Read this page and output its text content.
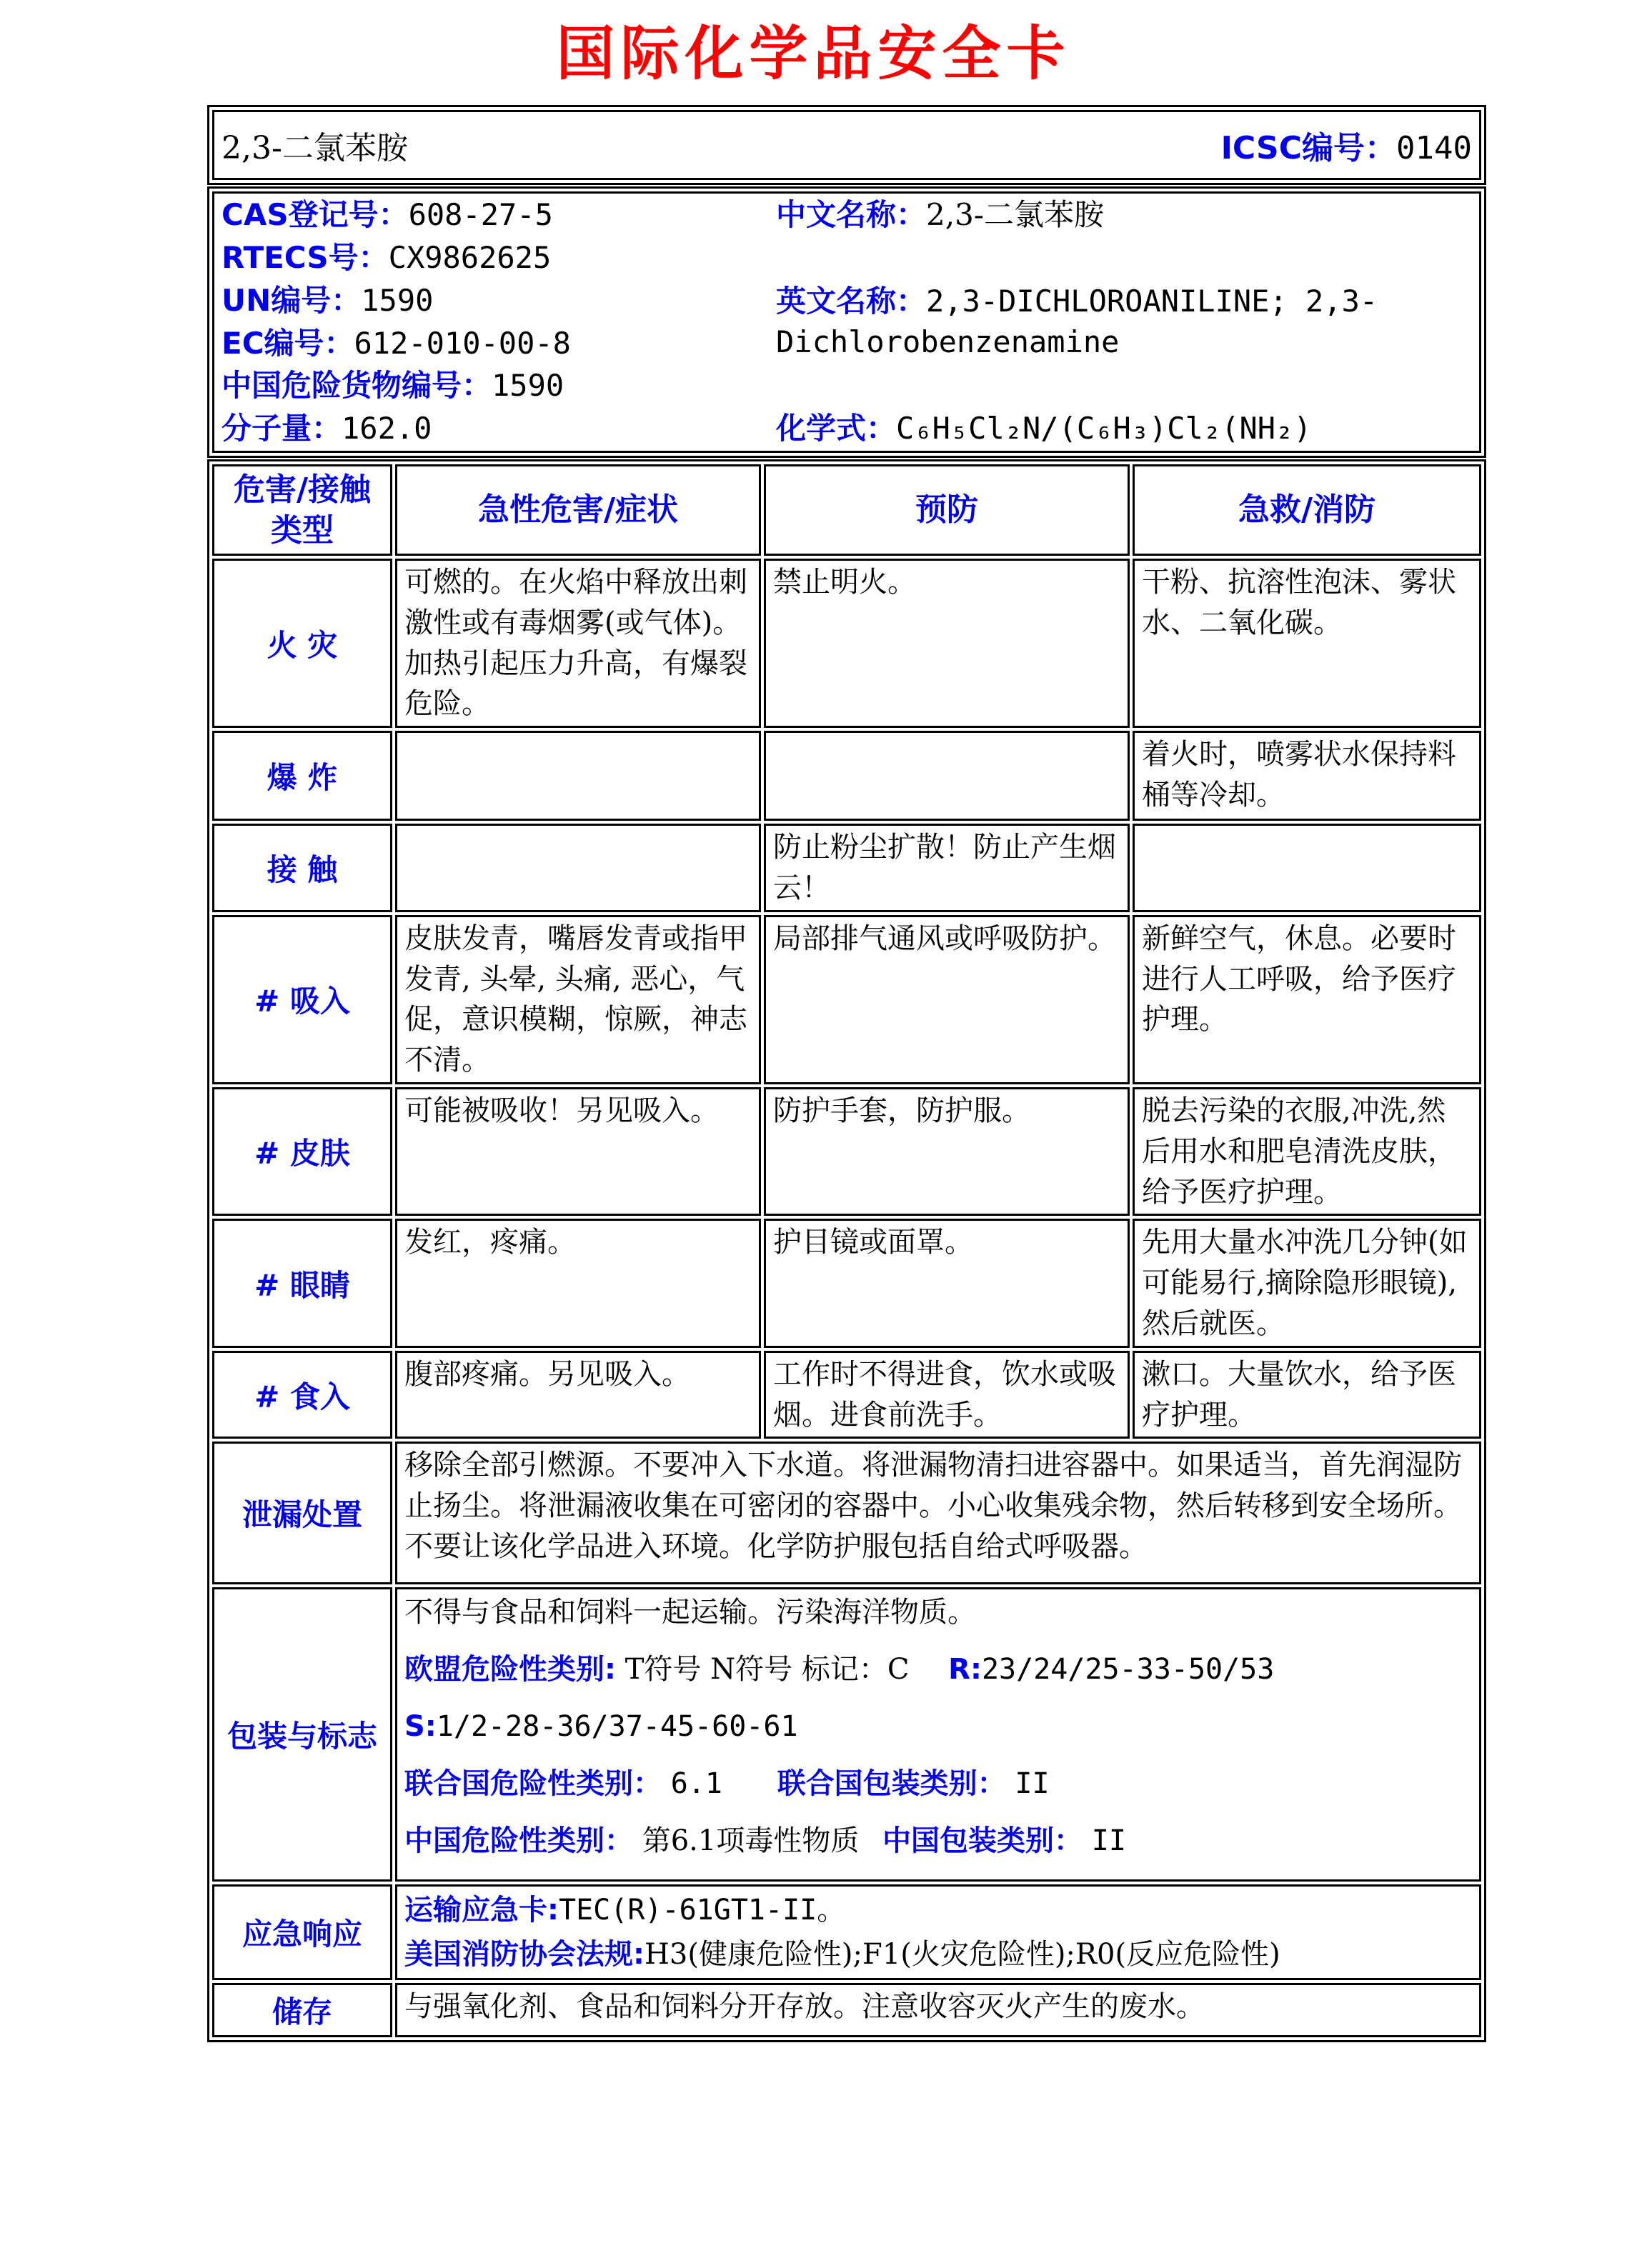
国际化学品安全卡
2,3-二氯苯胺	ICSC编号：0140
CAS登记号：608-27-5
RTECS号：CX9862625
UN编号：1590
EC编号：612-010-00-8
中国危险货物编号：1590
分子量：162.0
中文名称：2,3-二氯苯胺
英文名称：2,3-DICHLOROANILINE; 2,3-Dichlorobenzenamine
化学式：C₆H₅Cl₂N/(C₆H₃)Cl₂(NH₂)
危害/接触类型	急性危害/症状	预防	急救/消防
火 灾	可燃的。在火焰中释放出刺激性或有毒烟雾(或气体)。加热引起压力升高，有爆裂危险。	禁止明火。	干粉、抗溶性泡沫、雾状水、二氧化碳。
爆 炸			着火时，喷雾状水保持料桶等冷却。
接 触		防止粉尘扩散！防止产生烟云！	
# 吸入	皮肤发青，嘴唇发青或指甲发青, 头晕, 头痛, 恶心，气促，意识模糊，惊厥，神志不清。	局部排气通风或呼吸防护。	新鲜空气，休息。必要时进行人工呼吸，给予医疗护理。
# 皮肤	可能被吸收！另见吸入。	防护手套，防护服。	脱去污染的衣服,冲洗,然后用水和肥皂清洗皮肤，给予医疗护理。
# 眼睛	发红，疼痛。	护目镜或面罩。	先用大量水冲洗几分钟(如可能易行,摘除隐形眼镜),然后就医。
# 食入	腹部疼痛。另见吸入。	工作时不得进食，饮水或吸烟。进食前洗手。	漱口。大量饮水，给予医疗护理。
泄漏处置	移除全部引燃源。不要冲入下水道。将泄漏物清扫进容器中。如果适当，首先润湿防止扬尘。将泄漏液收集在可密闭的容器中。小心收集残余物，然后转移到安全场所。不要让该化学品进入环境。化学防护服包括自给式呼吸器。		
包装与标志	不得与食品和饲料一起运输。污染海洋物质。

欧盟危险性类别: T符号 N符号 标记：C R:23/24/25-33-50/53

S:1/2-28-36/37-45-60-61

联合国危险性类别： 6.1 联合国包装类别： II

中国危险性类别： 第6.1项毒性物质 中国包装类别： II		

应急响应	运输应急卡:TEC(R)-61GT1-II。
美国消防协会法规:H3(健康危险性);F1(火灾危险性);R0(反应危险性)		

储存	与强氧化剂、食品和饲料分开存放。注意收容灭火产生的废水。		
